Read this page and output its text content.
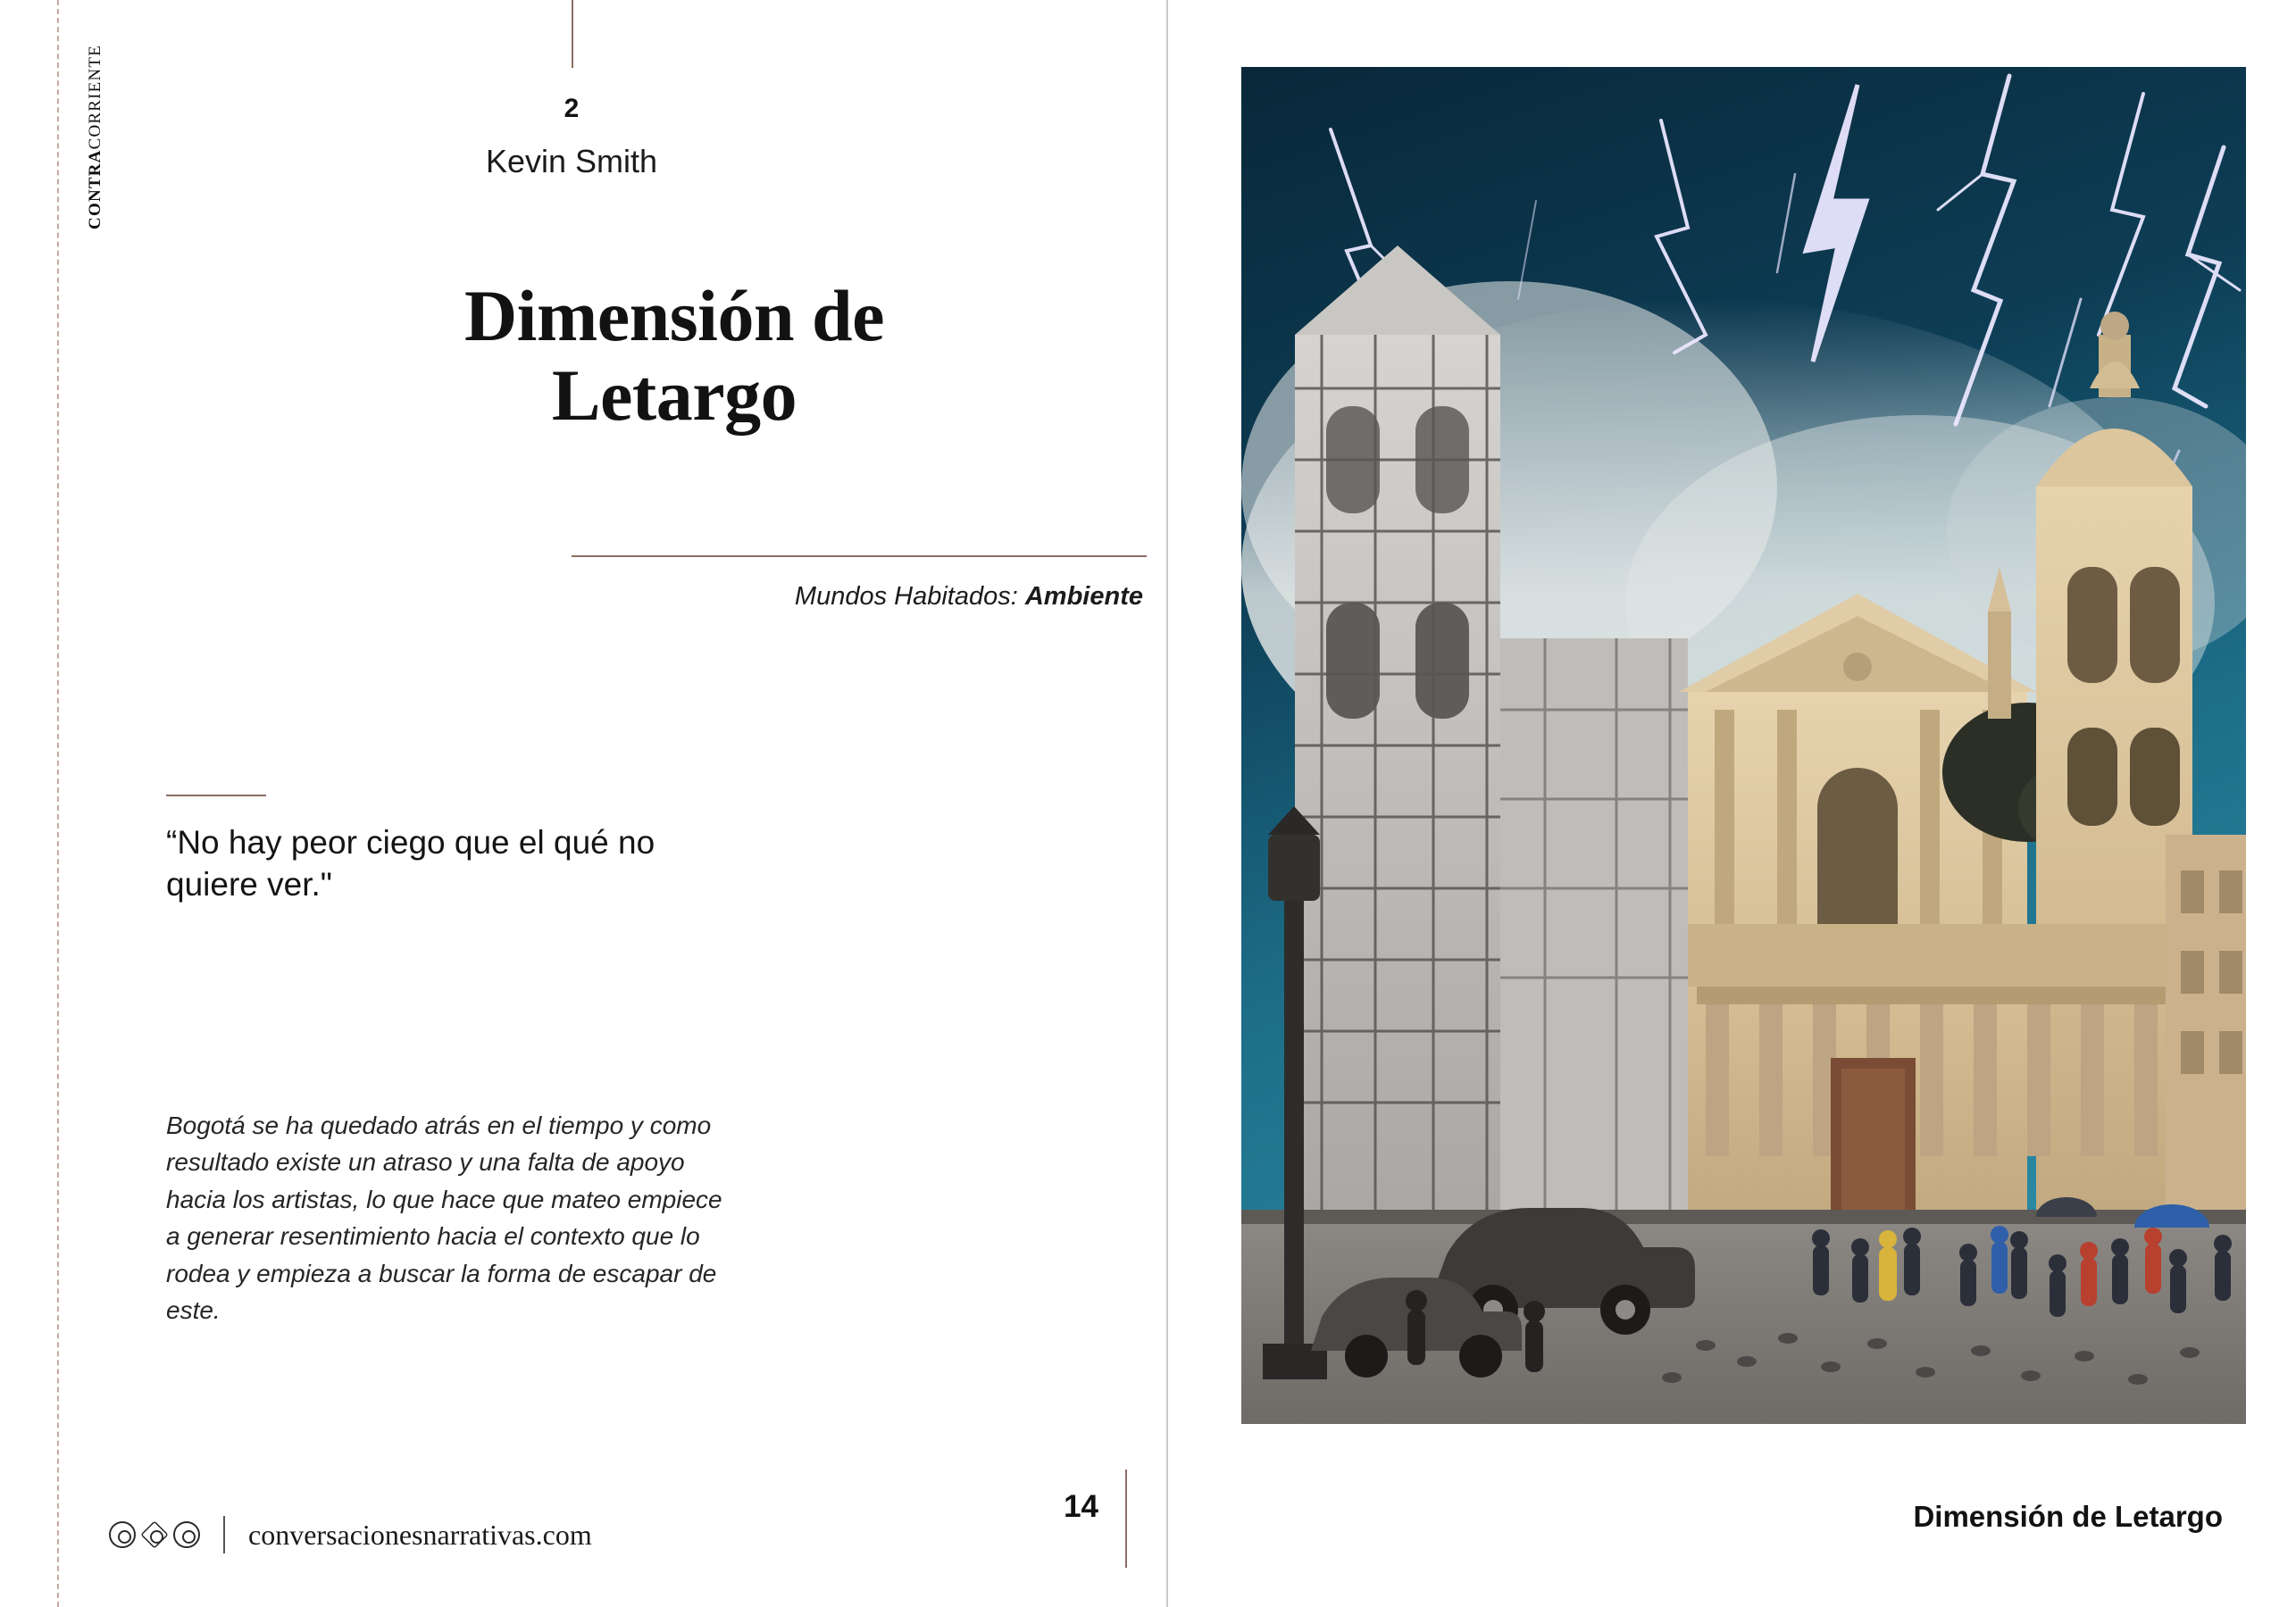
CONTRACORRIENTE	2
Kevin Smith
Dimensión de
Letargo
Mundos Habitados: Ambiente
“No hay peor ciego que el qué no quiere ver."
Bogotá se ha quedado atrás en el tiempo y como resultado existe un atraso y una falta de apoyo hacia los artistas, lo que hace que mateo empiece a generar resentimiento hacia el contexto que lo rodea y empieza a buscar la forma de escapar de este.
conversacionesnarrativas.com
14	Dimensión de Letargo
